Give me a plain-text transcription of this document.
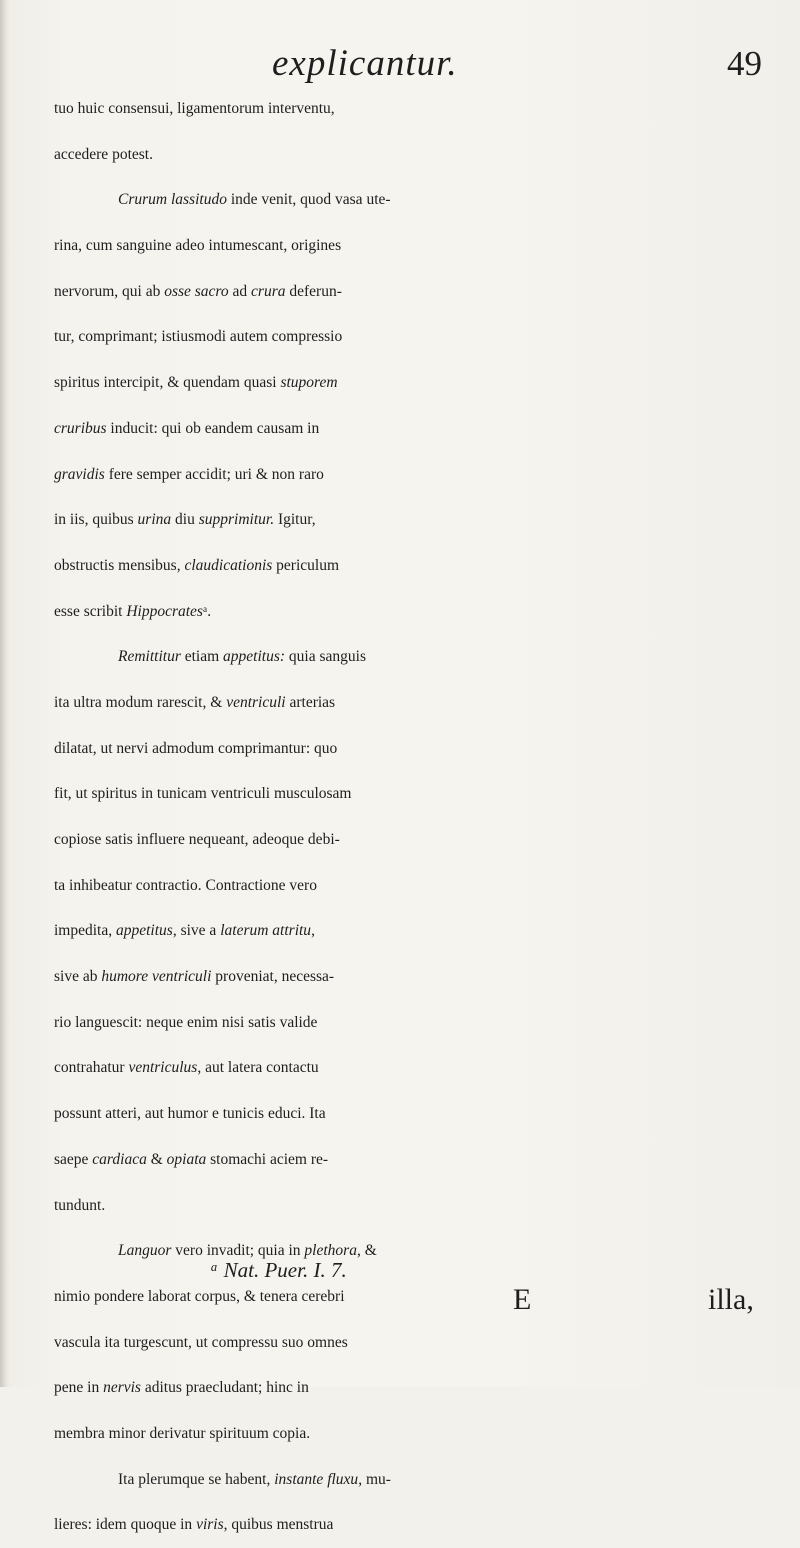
explicantur.	49
tuo huic consensui, ligamentorum interventu,
accedere potest.
Crurum lassitudo inde venit, quod vasa ute-
rina, cum sanguine adeo intumescant, origines
nervorum, qui ab osse sacro ad crura deferun-
tur, comprimant; istiusmodi autem compressio
spiritus intercipit, & quendam quasi stuporem
cruribus inducit: qui ob eandem causam in
gravidis fere semper accidit; uri & non raro
in iis, quibus urina diu supprimitur. Igitur,
obstructis mensibus, claudicationis periculum
esse scribit Hippocratesᵃ.
Remittitur etiam appetitus: quia sanguis
ita ultra modum rarescit, & ventriculi arterias
dilatat, ut nervi admodum comprimantur: quo
fit, ut spiritus in tunicam ventriculi musculosam
copiose satis influere nequeant, adeoque debi-
ta inhibeatur contractio. Contractione vero
impedita, appetitus, sive a laterum attritu,
sive ab humore ventriculi proveniat, necessa-
rio languescit: neque enim nisi satis valide
contrahatur ventriculus, aut latera contactu
possunt atteri, aut humor e tunicis educi. Ita
saepe cardiaca & opiata stomachi aciem re-
tundunt.
Languor vero invadit; quia in plethora, &
nimio pondere laborat corpus, & tenera cerebri
vascula ita turgescunt, ut compressu suo omnes
pene in nervis aditus praecludant; hinc in
membra minor derivatur spirituum copia.
Ita plerumque se habent, instante fluxu, mu-
lieres: idem quoque in viris, quibus menstrua
ᵃ Nat. Puer. I. 7.
E	illa,
